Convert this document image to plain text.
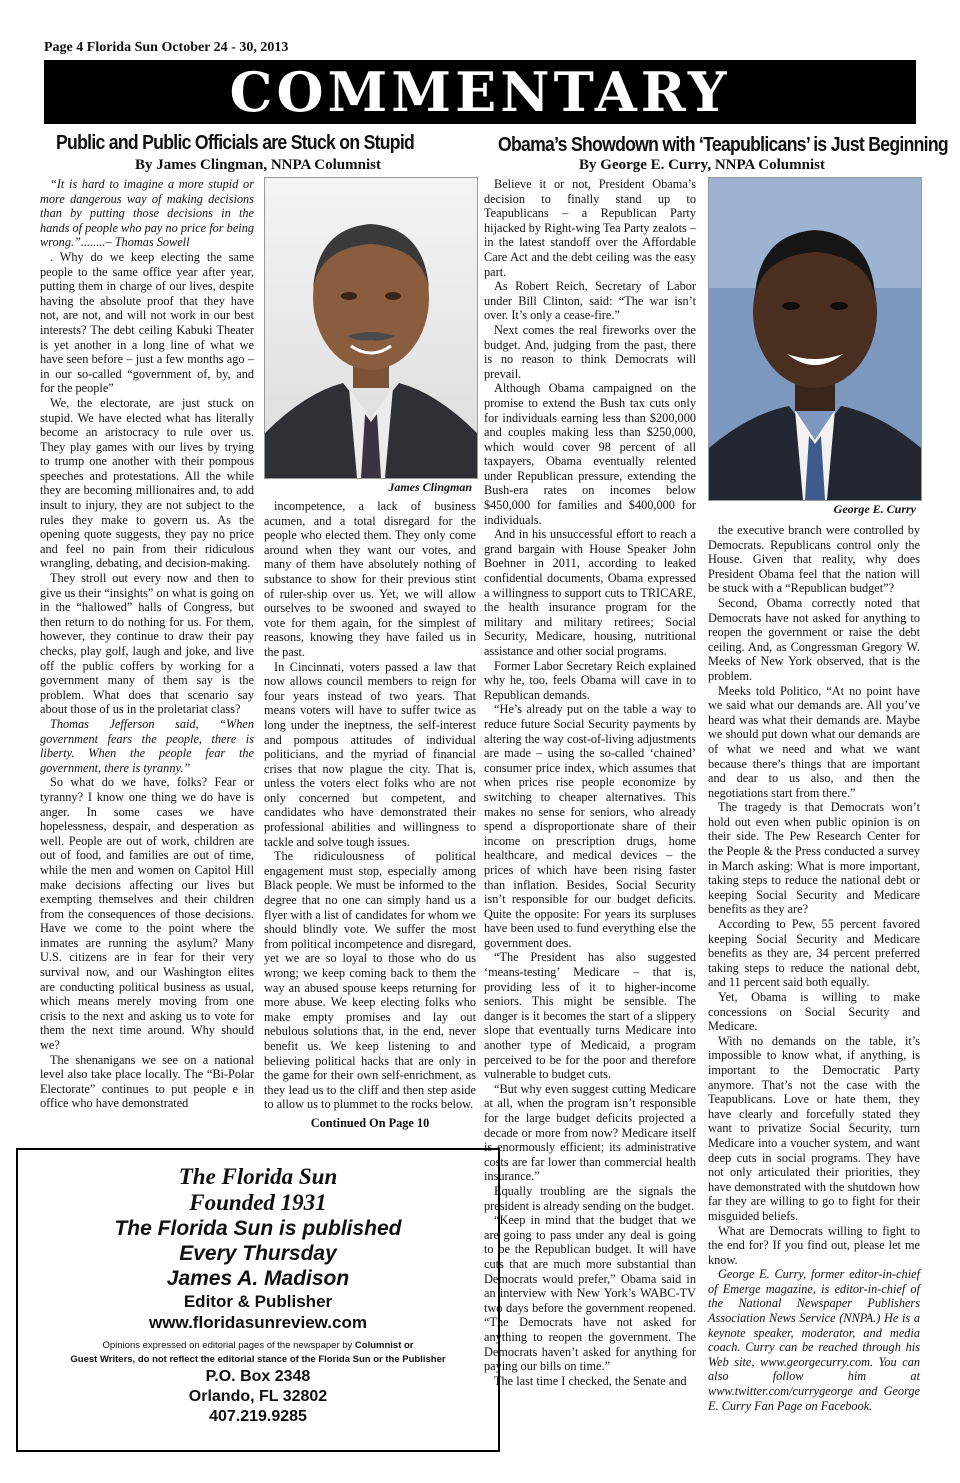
Page 4 Florida Sun October 24 - 30, 2013
COMMENTARY
Public and Public Officials are Stuck on Stupid
By James Clingman, NNPA Columnist

“It is hard to imagine a more stupid or more dangerous way of making decisions than by putting those decisions in the hands of people who pay no price for being wrong.”........– Thomas Sowell

. Why do we keep electing the same people to the same office year after year, putting them in charge of our lives, despite having the absolute proof that they have not, are not, and will not work in our best interests? The debt ceiling Kabuki Theater is yet another in a long line of what we have seen before – just a few months ago – in our so-called “government of, by, and for the people”

We, the electorate, are just stuck on stupid. We have elected what has literally become an aristocracy to rule over us. They play games with our lives by trying to trump one another with their pompous speeches and protestations. All the while they are becoming millionaires and, to add insult to injury, they are not subject to the rules they make to govern us. As the opening quote suggests, they pay no price and feel no pain from their ridiculous wrangling, debating, and decision-making.

They stroll out every now and then to give us their “insights” on what is going on in the “hallowed” halls of Congress, but then return to do nothing for us. For them, however, they continue to draw their pay checks, play golf, laugh and joke, and live off the public coffers by working for a government many of them say is the problem. What does that scenario say about those of us in the proletariat class?

Thomas Jefferson said, “When government fears the people, there is liberty. When the people fear the government, there is tyranny.”

So what do we have, folks? Fear or tyranny? I know one thing we do have is anger. In some cases we have hopelessness, despair, and desperation as well. People are out of work, children are out of food, and families are out of time, while the men and women on Capitol Hill make decisions affecting our lives but exempting themselves and their children from the consequences of those decisions. Have we come to the point where the inmates are running the asylum? Many U.S. citizens are in fear for their very survival now, and our Washington elites are conducting political business as usual, which means merely moving from one crisis to the next and asking us to vote for them the next time around. Why should we?

The shenanigans we see on a national level also take place locally. The “Bi-Polar Electorate” continues to put people e in office who have demonstrated

James Clingman

incompetence, a lack of business acumen, and a total disregard for the people who elected them. They only come around when they want our votes, and many of them have absolutely nothing of substance to show for their previous stint of ruler-ship over us. Yet, we will allow ourselves to be swooned and swayed to vote for them again, for the simplest of reasons, knowing they have failed us in the past.

In Cincinnati, voters passed a law that now allows council members to reign for four years instead of two years. That means voters will have to suffer twice as long under the ineptness, the self-interest and pompous attitudes of individual politicians, and the myriad of financial crises that now plague the city. That is, unless the voters elect folks who are not only concerned but competent, and candidates who have demonstrated their professional abilities and willingness to tackle and solve tough issues.

The ridiculousness of political engagement must stop, especially among Black people. We must be informed to the degree that no one can simply hand us a flyer with a list of candidates for whom we should blindly vote. We suffer the most from political incompetence and disregard, yet we are so loyal to those who do us wrong; we keep coming back to them the way an abused spouse keeps returning for more abuse. We keep electing folks who make empty promises and lay out nebulous solutions that, in the end, never benefit us. We keep listening to and believing political hacks that are only in the game for their own self-enrichment, as they lead us to the cliff and then step aside to allow us to plummet to the rocks below.

Continued On Page 10

Obama’s Showdown with ‘Teapublicans’ is Just Beginning
By George E. Curry, NNPA Columnist

Believe it or not, President Obama’s decision to finally stand up to Teapublicans – a Republican Party hijacked by Right-wing Tea Party zealots – in the latest standoff over the Affordable Care Act and the debt ceiling was the easy part.

As Robert Reich, Secretary of Labor under Bill Clinton, said: “The war isn’t over. It’s only a cease-fire.”

Next comes the real fireworks over the budget. And, judging from the past, there is no reason to think Democrats will prevail.

Although Obama campaigned on the promise to extend the Bush tax cuts only for individuals earning less than $200,000 and couples making less than $250,000, which would cover 98 percent of all taxpayers, Obama eventually relented under Republican pressure, extending the Bush-era rates on incomes below $450,000 for families and $400,000 for individuals.

And in his unsuccessful effort to reach a grand bargain with House Speaker John Boehner in 2011, according to leaked confidential documents, Obama expressed a willingness to support cuts to TRICARE, the health insurance program for the military and military retirees; Social Security, Medicare, housing, nutritional assistance and other social programs.

Former Labor Secretary Reich explained why he, too, feels Obama will cave in to Republican demands.

“He’s already put on the table a way to reduce future Social Security payments by altering the way cost-of-living adjustments are made – using the so-called ‘chained’ consumer price index, which assumes that when prices rise people economize by switching to cheaper alternatives. This makes no sense for seniors, who already spend a disproportionate share of their income on prescription drugs, home healthcare, and medical devices – the prices of which have been rising faster than inflation. Besides, Social Security isn’t responsible for our budget deficits. Quite the opposite: For years its surpluses have been used to fund everything else the government does.

“The President has also suggested ‘means-testing’ Medicare – that is, providing less of it to higher-income seniors. This might be sensible. The danger is it becomes the start of a slippery slope that eventually turns Medicare into another type of Medicaid, a program perceived to be for the poor and therefore vulnerable to budget cuts.

“But why even suggest cutting Medicare at all, when the program isn’t responsible for the large budget deficits projected a decade or more from now? Medicare itself is enormously efficient; its administrative costs are far lower than commercial health insurance.”

Equally troubling are the signals the president is already sending on the budget.

“Keep in mind that the budget that we are going to pass under any deal is going to be the Republican budget. It will have cuts that are much more substantial than Democrats would prefer,” Obama said in an interview with New York’s WABC-TV two days before the government reopened. “The Democrats have not asked for anything to reopen the government. The Democrats haven’t asked for anything for paying our bills on time.”

The last time I checked, the Senate and

George E. Curry

the executive branch were controlled by Democrats. Republicans control only the House. Given that reality, why does President Obama feel that the nation will be stuck with a “Republican budget”?

Second, Obama correctly noted that Democrats have not asked for anything to reopen the government or raise the debt ceiling. And, as Congressman Gregory W. Meeks of New York observed, that is the problem.

Meeks told Politico, “At no point have we said what our demands are. All you’ve heard was what their demands are. Maybe we should put down what our demands are of what we need and what we want because there’s things that are important and dear to us also, and then the negotiations start from there.”

The tragedy is that Democrats won’t hold out even when public opinion is on their side. The Pew Research Center for the People & the Press conducted a survey in March asking: What is more important, taking steps to reduce the national debt or keeping Social Security and Medicare benefits as they are?

According to Pew, 55 percent favored keeping Social Security and Medicare benefits as they are, 34 percent preferred taking steps to reduce the national debt, and 11 percent said both equally.

Yet, Obama is willing to make concessions on Social Security and Medicare.

With no demands on the table, it’s impossible to know what, if anything, is important to the Democratic Party anymore. That’s not the case with the Teapublicans. Love or hate them, they have clearly and forcefully stated they want to privatize Social Security, turn Medicare into a voucher system, and want deep cuts in social programs. They have not only articulated their priorities, they have demonstrated with the shutdown how far they are willing to go to fight for their misguided beliefs.

What are Democrats willing to fight to the end for? If you find out, please let me know.

George E. Curry, former editor-in-chief of Emerge magazine, is editor-in-chief of the National Newspaper Publishers Association News Service (NNPA.) He is a keynote speaker, moderator, and media coach. Curry can be reached through his Web site, www.georgecurry.com. You can also follow him at www.twitter.com/currygeorge and George E. Curry Fan Page on Facebook.

The Florida Sun
Founded 1931
The Florida Sun is published
Every Thursday
James A. Madison
Editor & Publisher
www.floridasunreview.com
Opinions expressed on editorial pages of the newspaper by Columnist or
Guest Writers, do not reflect the editorial stance of the Florida Sun or the Publisher
P.O. Box 2348
Orlando, FL 32802
407.219.9285
